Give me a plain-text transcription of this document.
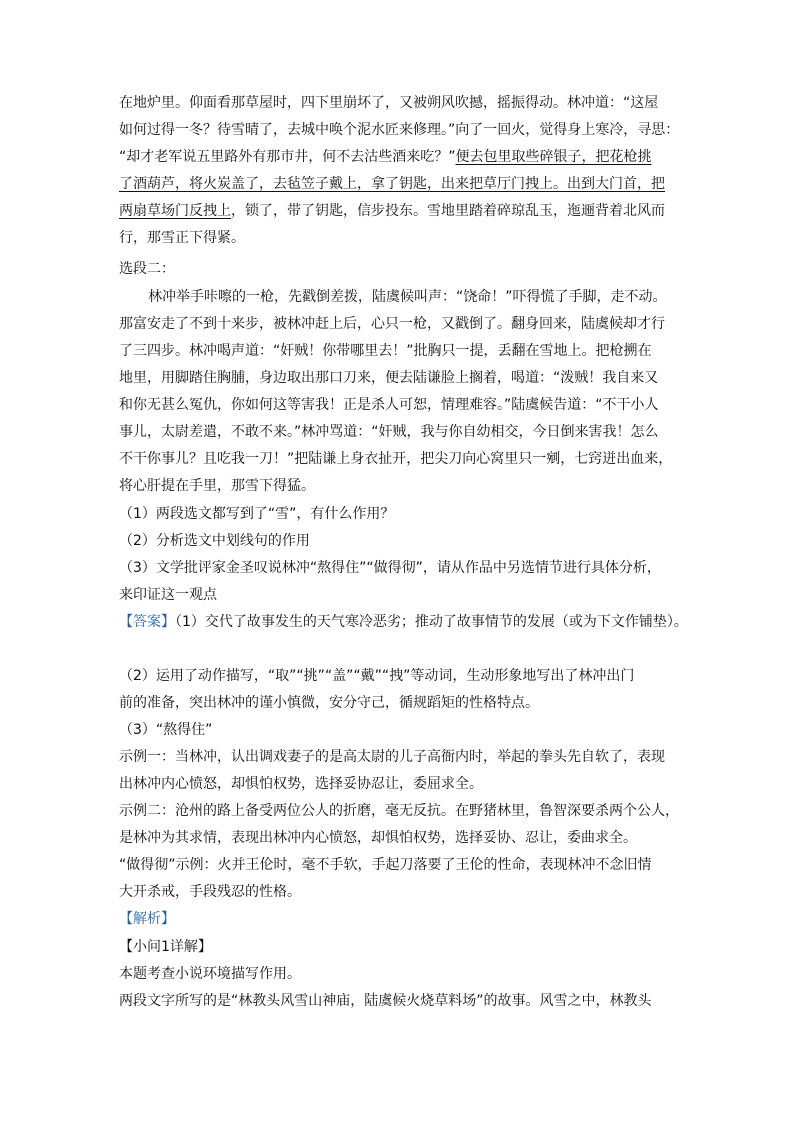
在地炉里。仰面看那草屋时，四下里崩坏了，又被朔风吹撼，摇振得动。林冲道：“这屋
如何过得一冬？待雪晴了，去城中唤个泥水匠来修理。”向了一回火，觉得身上寒冷，寻思：
“却才老军说五里路外有那市井，何不去沽些酒来吃？”便去包里取些碎银子，把花枪挑
了酒葫芦，将火炭盖了，去毡笠子戴上，拿了钥匙，出来把草厅门拽上。出到大门首，把
两扇草场门反拽上，锁了，带了钥匙，信步投东。雪地里踏着碎琼乱玉，迤逦背着北风而
行，那雪正下得紧。
选段二：
林冲举手咔嚓的一枪，先戳倒差拨，陆虞候叫声：“饶命！”吓得慌了手脚，走不动。
那富安走了不到十来步，被林冲赶上后，心只一枪，又戳倒了。翻身回来，陆虞候却才行
了三四步。林冲喝声道：“奸贼！你带哪里去！”批胸只一提，丢翻在雪地上。把枪搠在
地里，用脚踏住胸脯，身边取出那口刀来，便去陆谦脸上搁着，喝道：“泼贼！我自来又
和你无甚么冤仇，你如何这等害我！正是杀人可恕，情理难容。”陆虞候告道：“不干小人
事儿，太尉差遣，不敢不来。”林冲骂道：“奸贼，我与你自幼相交，今日倒来害我！怎么
不干你事儿？且吃我一刀！”把陆谦上身衣扯开，把尖刀向心窝里只一剜，七窍迸出血来，
将心肝提在手里，那雪下得猛。
（1）两段选文都写到了“雪”，有什么作用？
（2）分析选文中划线句的作用
（3）文学批评家金圣叹说林冲“熬得住”“做得彻”，请从作品中另选情节进行具体分析，
来印证这一观点
【答案】（1）交代了故事发生的天气寒冷恶劣；推动了故事情节的发展（或为下文作铺垫）。
（2）运用了动作描写，“取”“挑”“盖”“戴”“拽”等动词，生动形象地写出了林冲出门
前的准备，突出林冲的谨小慎微，安分守己，循规蹈矩的性格特点。
（3）“熬得住”
示例一：当林冲，认出调戏妻子的是高太尉的儿子高衙内时，举起的拳头先自软了，表现
出林冲内心愤怒，却惧怕权势，选择妥协忍让，委屈求全。
示例二：沧州的路上备受两位公人的折磨，毫无反抗。在野猪林里，鲁智深要杀两个公人，
是林冲为其求情，表现出林冲内心愤怒，却惧怕权势，选择妥协、忍让，委曲求全。
“做得彻”示例：火并王伦时，毫不手软，手起刀落要了王伦的性命，表现林冲不念旧情
大开杀戒，手段残忍的性格。
【解析】
【小问1详解】
本题考查小说环境描写作用。
两段文字所写的是“林教头风雪山神庙，陆虞候火烧草料场”的故事。风雪之中，林教头
